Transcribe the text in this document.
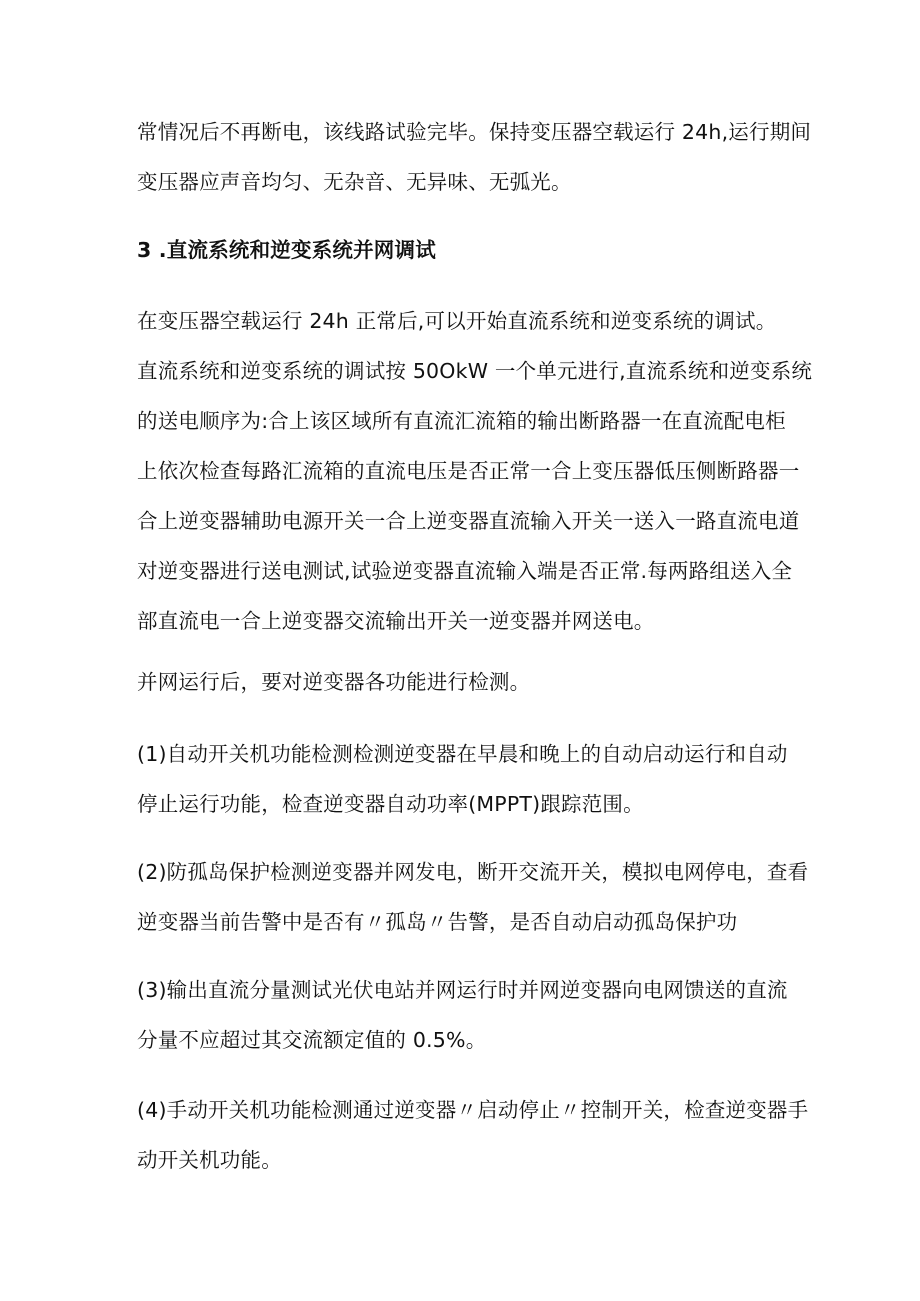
常情况后不再断电，该线路试验完毕。保持变压器空载运行 24h,运行期间
变压器应声音均匀、无杂音、无异味、无弧光。

3 .直流系统和逆变系统并网调试

在变压器空载运行 24h 正常后,可以开始直流系统和逆变系统的调试。
直流系统和逆变系统的调试按 50OkW 一个单元进行,直流系统和逆变系统
的送电顺序为:合上该区域所有直流汇流箱的输出断路器一在直流配电柜
上依次检查每路汇流箱的直流电压是否正常一合上变压器低压侧断路器一
合上逆变器辅助电源开关一合上逆变器直流输入开关一送入一路直流电道
对逆变器进行送电测试,试验逆变器直流输入端是否正常.每两路组送入全
部直流电一合上逆变器交流输出开关一逆变器并网送电。

并网运行后，要对逆变器各功能进行检测。

(1)自动开关机功能检测检测逆变器在早晨和晚上的自动启动运行和自动
停止运行功能，检查逆变器自动功率(MPPT)跟踪范围。

(2)防孤岛保护检测逆变器并网发电，断开交流开关，模拟电网停电，查看
逆变器当前告警中是否有〃孤岛〃告警，是否自动启动孤岛保护功

(3)输出直流分量测试光伏电站并网运行时并网逆变器向电网馈送的直流
分量不应超过其交流额定值的 0.5%。

(4)手动开关机功能检测通过逆变器〃启动停止〃控制开关，检查逆变器手
动开关机功能。
